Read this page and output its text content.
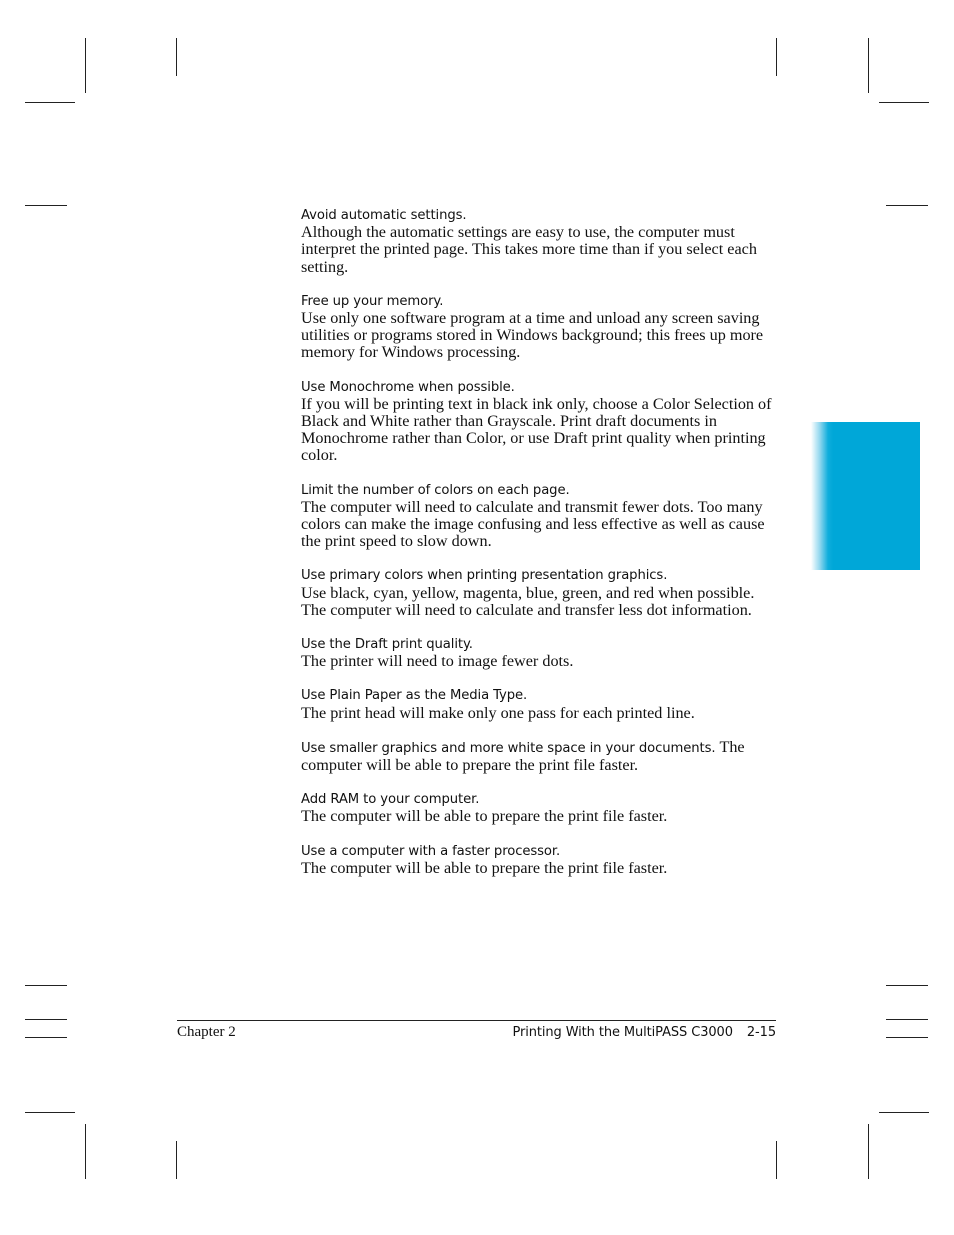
Avoid automatic settings.
Although the automatic settings are easy to use, the computer must interpret the printed page. This takes more time than if you select each setting.
Free up your memory.
Use only one software program at a time and unload any screen saving utilities or programs stored in Windows background; this frees up more memory for Windows processing.
Use Monochrome when possible.
If you will be printing text in black ink only, choose a Color Selection of Black and White rather than Grayscale. Print draft documents in Monochrome rather than Color, or use Draft print quality when printing color.
Limit the number of colors on each page.
The computer will need to calculate and transmit fewer dots. Too many colors can make the image confusing and less effective as well as cause the print speed to slow down.
Use primary colors when printing presentation graphics.
Use black, cyan, yellow, magenta, blue, green, and red when possible. The computer will need to calculate and transfer less dot information.
Use the Draft print quality.
The printer will need to image fewer dots.
Use Plain Paper as the Media Type.
The print head will make only one pass for each printed line.
Use smaller graphics and more white space in your documents. The computer will be able to prepare the print file faster.
Add RAM to your computer.
The computer will be able to prepare the print file faster.
Use a computer with a faster processor.
The computer will be able to prepare the print file faster.
Chapter 2	Printing With the MultiPASS C3000 2-15
